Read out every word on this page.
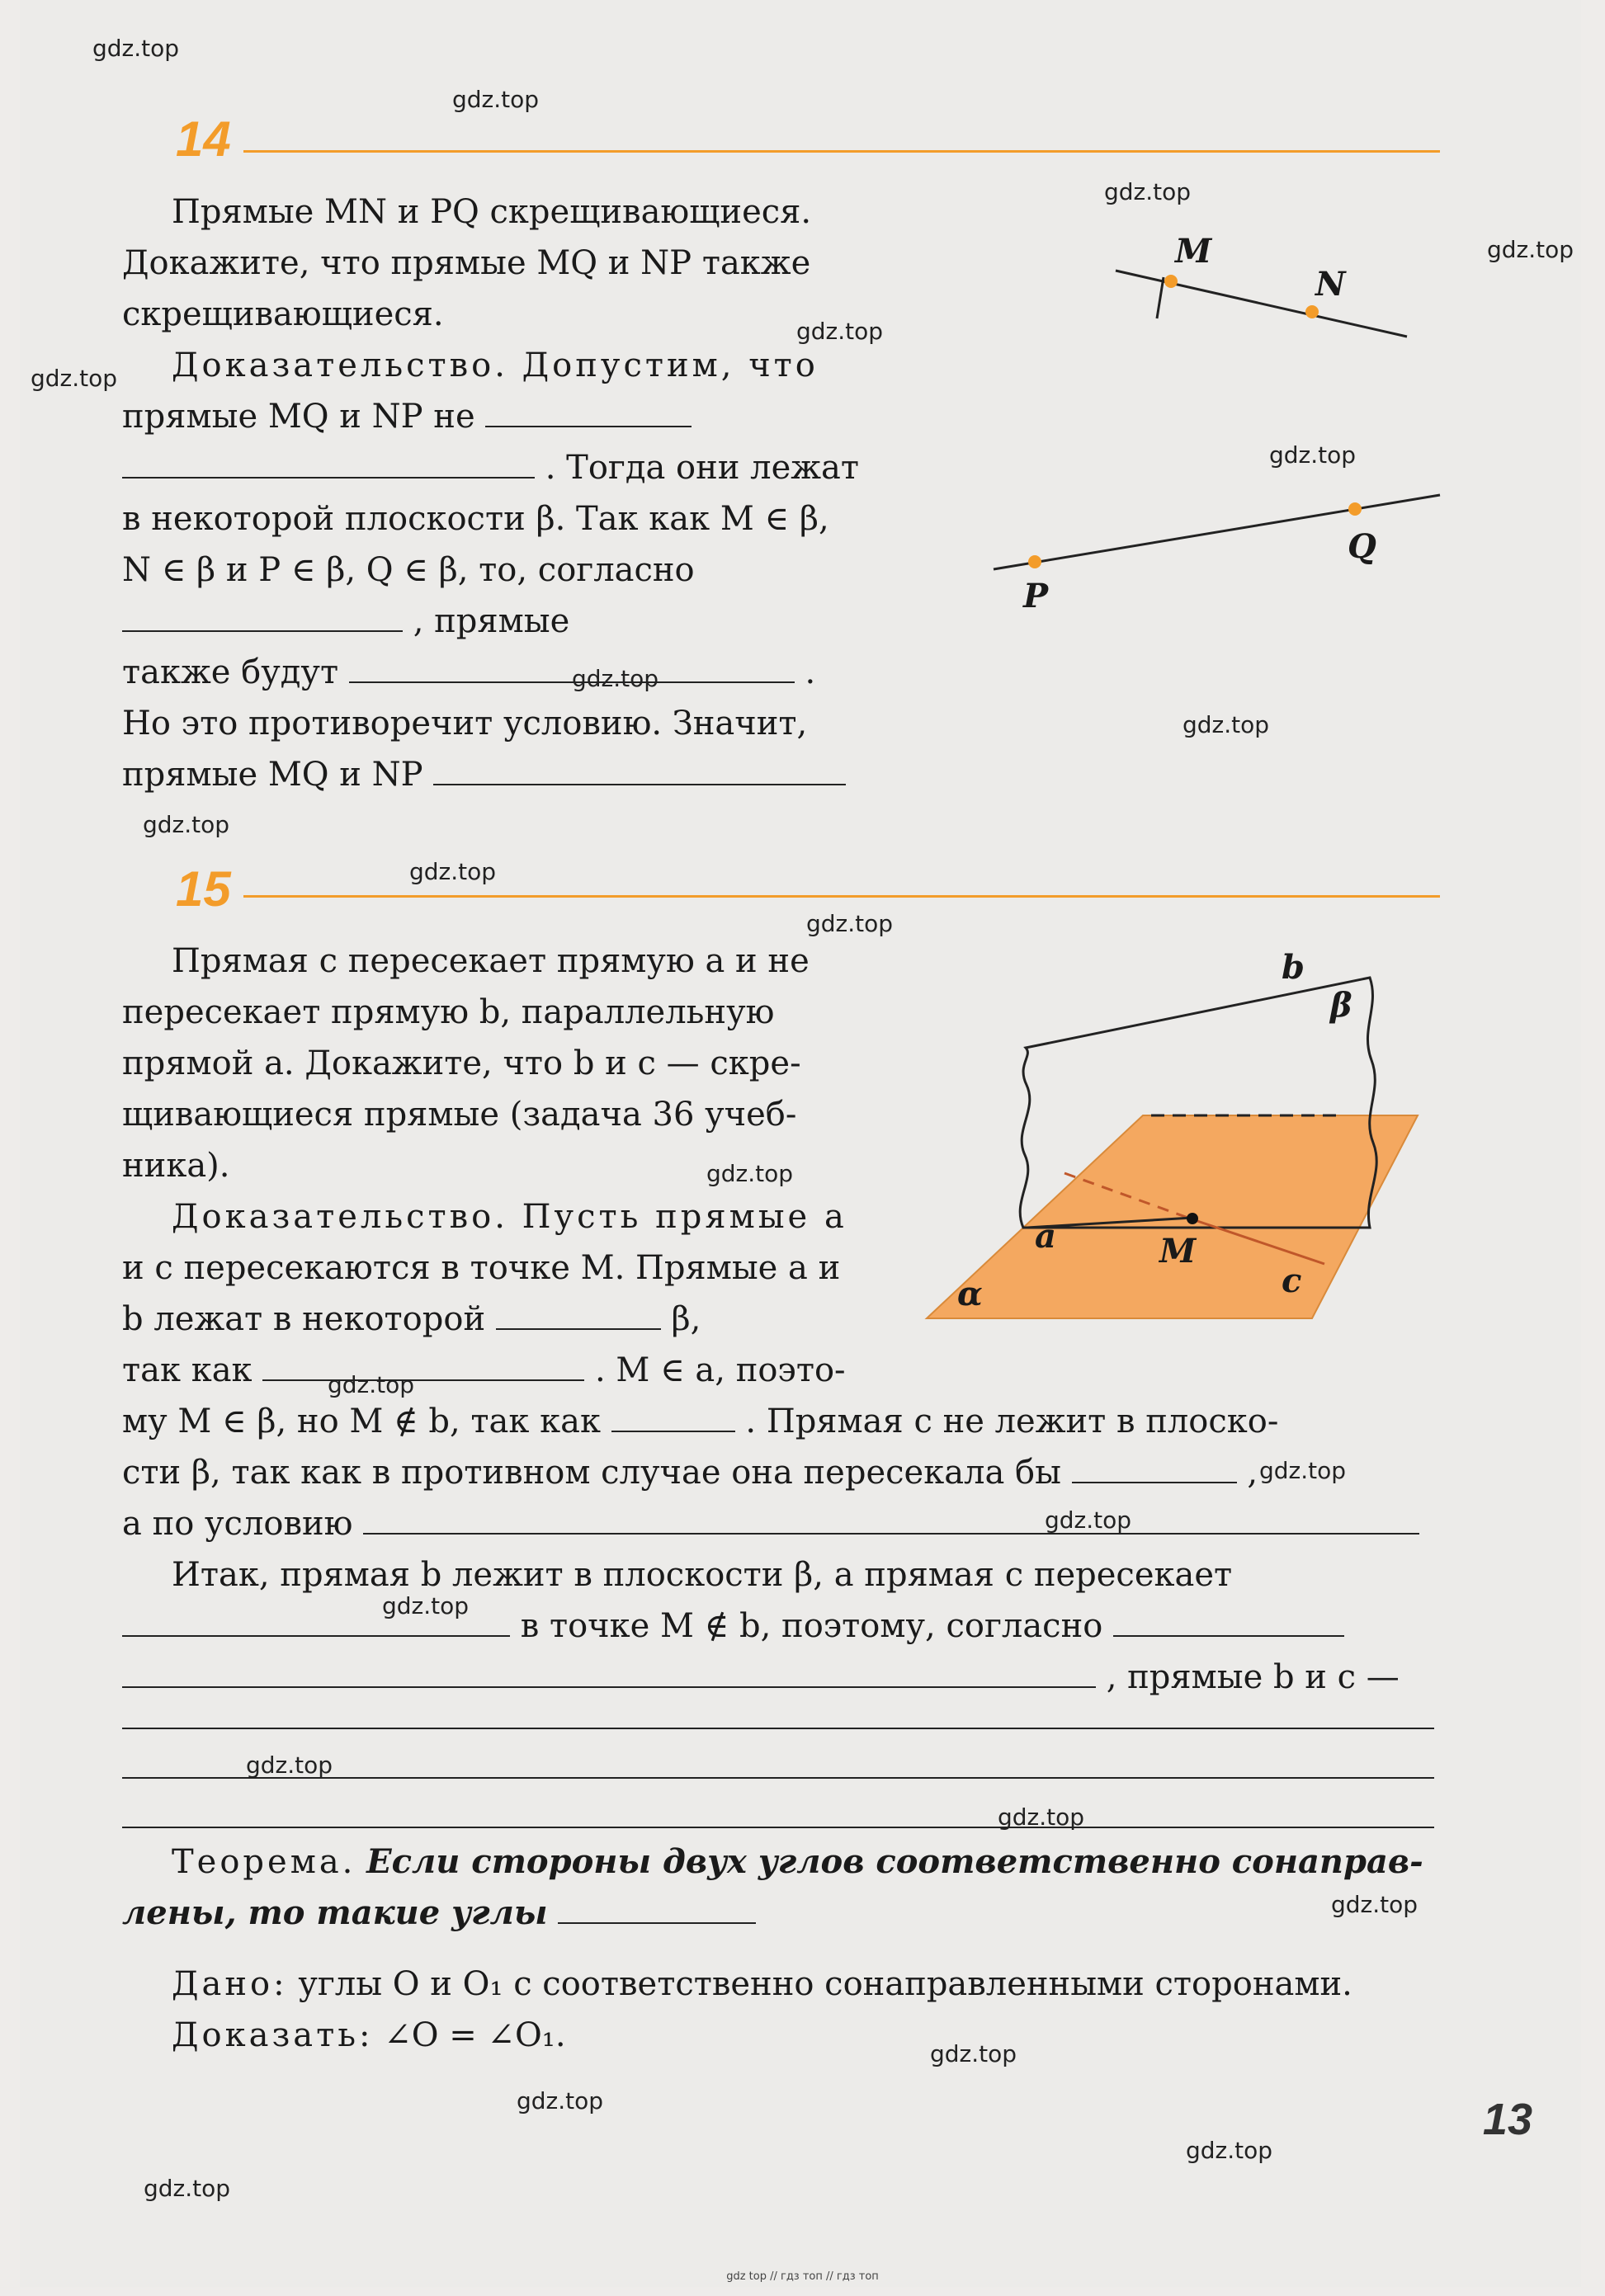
gdz.top
gdz.top
gdz.top
gdz.top
gdz.top
gdz.top
gdz.top
gdz.top
gdz.top
gdz.top
gdz.top
gdz.top
gdz.top
gdz.top
gdz.top
gdz.top
gdz.top
gdz.top
gdz.top
gdz.top
gdz.top
gdz.top
gdz.top
gdz.top
14
Прямые MN и PQ скрещивающиеся.
Докажите, что прямые MQ и NP также
скрещивающиеся.
Доказательство. Допустим, что
прямые MQ и NP не
. Тогда они лежат
в некоторой плоскости β. Так как M ∈ β,
N ∈ β и P ∈ β, Q ∈ β, то, согласно
, прямые
также будут	.
Но это противоречит условию. Значит,
прямые MQ и NP
M
N
P
Q
15
Прямая c пересекает прямую a и не
пересекает прямую b, параллельную
прямой a. Докажите, что b и c — скре-
щивающиеся прямые (задача 36 учеб-
ника).
Доказательство. Пусть прямые a
и c пересекаются в точке M. Прямые a и
b лежат в некоторой	β,
так как	. M ∈ a, поэто-
му M ∈ β, но M ∉ b, так как	. Прямая c не лежит в плоско-
сти β, так как в противном случае она пересекала бы	,
а по условию
Итак, прямая b лежит в плоскости β, а прямая c пересекает
в точке M ∉ b, поэтому, согласно
, прямые b и c —
b
β
a	M
c
α
Теорема. Если стороны двух углов соответственно сонаправ-
лены, то такие углы
Дано: углы O и O₁ с соответственно сонаправленными сторонами.
Доказать: ∠O = ∠O₁.
13
gdz top // гдз топ // гдз топ
